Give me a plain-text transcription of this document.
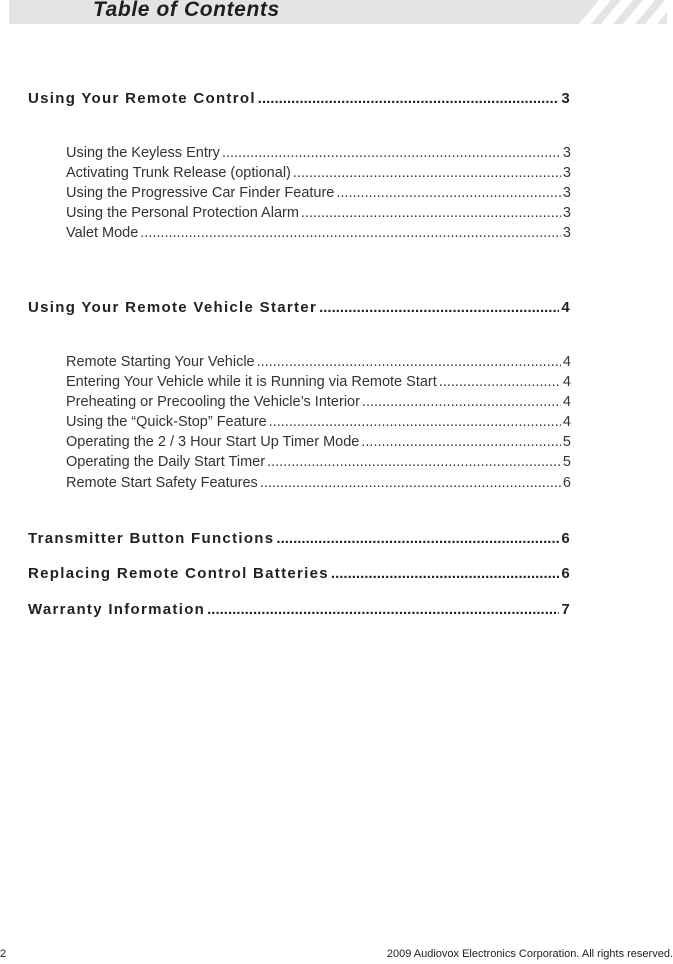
Table of Contents
Using Your Remote Control .....	3
Using the Keyless Entry .....	3
Activating Trunk Release (optional) .....	3
Using the Progressive Car Finder Feature .....	3
Using the Personal Protection Alarm .....	3
Valet Mode .....	3
Using Your Remote Vehicle Starter .....	4
Remote Starting Your Vehicle .....	4
Entering Your Vehicle while it is Running via Remote Start .....	4
Preheating or Precooling the Vehicle’s Interior .....	4
Using the “Quick-Stop” Feature .....	4
Operating the 2 / 3 Hour Start Up Timer Mode .....	5
Operating the Daily Start Timer .....	5
Remote Start Safety Features .....	6
Transmitter Button Functions .....	6
Replacing Remote Control Batteries .....	6
Warranty Information .....	7
2	2009 Audiovox Electronics Corporation. All rights reserved.
